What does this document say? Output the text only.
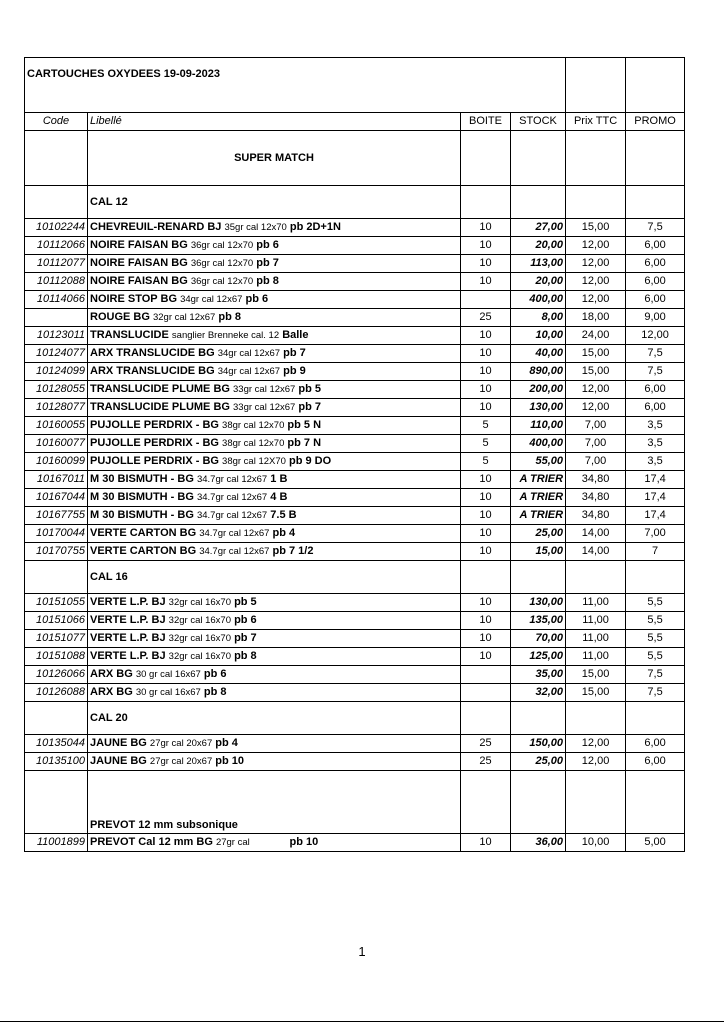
CARTOUCHES OXYDEES 19-09-2023					

Code	Libellé	BOITE	STOCK	Prix TTC	PROMO
	SUPER MATCH				
	CAL 12				
10102244	CHEVREUIL-RENARD BJ 35gr cal 12x70 pb 2D+1N	10	27,00	15,00	7,5
10112066	NOIRE FAISAN BG 36gr cal 12x70 pb 6	10	20,00	12,00	6,00
10112077	NOIRE FAISAN BG 36gr cal 12x70 pb 7	10	113,00	12,00	6,00
10112088	NOIRE FAISAN BG 36gr cal 12x70 pb 8	10	20,00	12,00	6,00
10114066	NOIRE STOP BG 34gr cal 12x67 pb 6		400,00	12,00	6,00
	ROUGE BG 32gr cal 12x67 pb 8	25	8,00	18,00	9,00
10123011	TRANSLUCIDE sanglier Brenneke cal. 12 Balle	10	10,00	24,00	12,00
10124077	ARX TRANSLUCIDE BG 34gr cal 12x67 pb 7	10	40,00	15,00	7,5
10124099	ARX TRANSLUCIDE BG 34gr cal 12x67 pb 9	10	890,00	15,00	7,5
10128055	TRANSLUCIDE PLUME BG 33gr cal 12x67 pb 5	10	200,00	12,00	6,00
10128077	TRANSLUCIDE PLUME BG 33gr cal 12x67 pb 7	10	130,00	12,00	6,00
10160055	PUJOLLE PERDRIX - BG 38gr cal 12x70 pb 5 N	5	110,00	7,00	3,5
10160077	PUJOLLE PERDRIX - BG 38gr cal 12x70 pb 7 N	5	400,00	7,00	3,5
10160099	PUJOLLE PERDRIX - BG 38gr cal 12X70 pb 9 DO	5	55,00	7,00	3,5
10167011	M 30 BISMUTH - BG 34.7gr cal 12x67 1 B	10	A TRIER	34,80	17,4
10167044	M 30 BISMUTH - BG 34.7gr cal 12x67 4 B	10	A TRIER	34,80	17,4
10167755	M 30 BISMUTH - BG 34.7gr cal 12x67 7.5 B	10	A TRIER	34,80	17,4
10170044	VERTE CARTON BG 34.7gr cal 12x67 pb 4	10	25,00	14,00	7,00
10170755	VERTE CARTON BG 34.7gr cal 12x67 pb 7 1/2	10	15,00	14,00	7
	CAL 16				
10151055	VERTE L.P. BJ 32gr cal 16x70 pb 5	10	130,00	11,00	5,5
10151066	VERTE L.P. BJ 32gr cal 16x70 pb 6	10	135,00	11,00	5,5
10151077	VERTE L.P. BJ 32gr cal 16x70 pb 7	10	70,00	11,00	5,5
10151088	VERTE L.P. BJ 32gr cal 16x70 pb 8	10	125,00	11,00	5,5
10126066	ARX BG 30 gr cal 16x67 pb 6		35,00	15,00	7,5
10126088	ARX BG 30 gr cal 16x67 pb 8		32,00	15,00	7,5
	CAL 20				
10135044	JAUNE BG 27gr cal 20x67 pb 4	25	150,00	12,00	6,00
10135100	JAUNE BG 27gr cal 20x67 pb 10	25	25,00	12,00	6,00
	PREVOT 12 mm subsonique				
11001899	PREVOT Cal 12 mm BG 27gr cal pb 10	10	36,00	10,00	5,00
1
